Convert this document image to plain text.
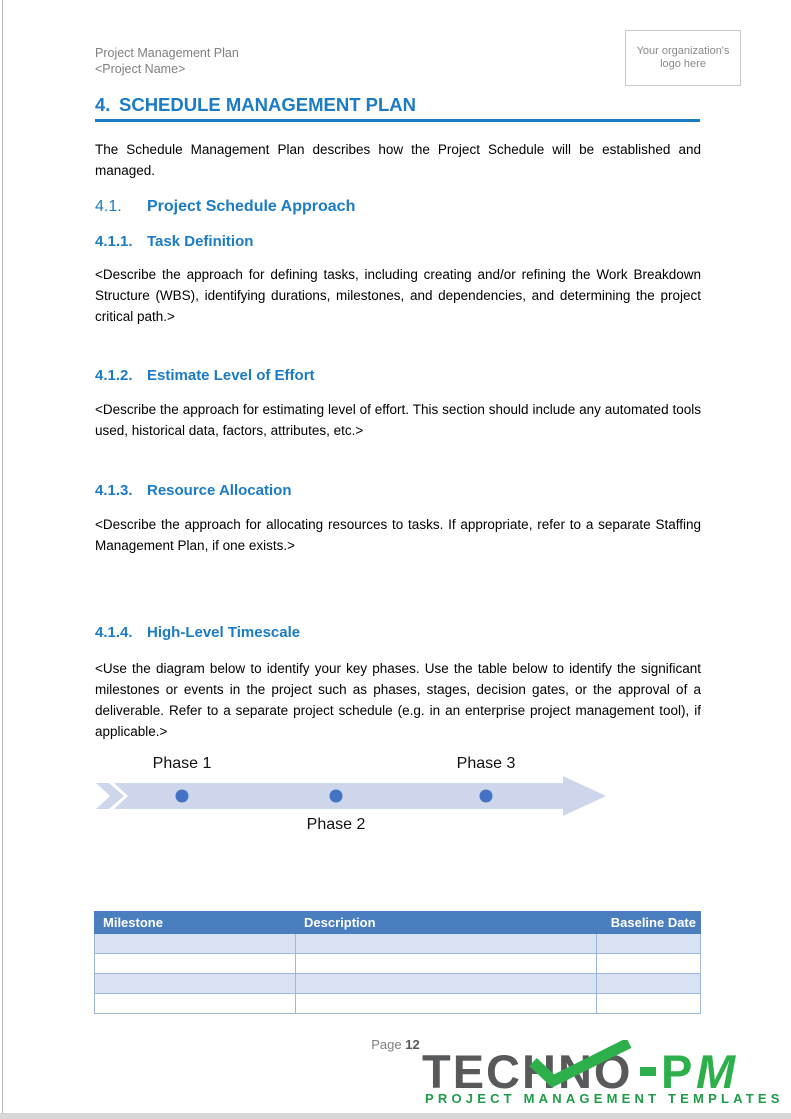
Project Management Plan
<Project Name>
Your organization's logo here
4. SCHEDULE MANAGEMENT PLAN
The Schedule Management Plan describes how the Project Schedule will be established and managed.
4.1. Project Schedule Approach
4.1.1. Task Definition
<Describe the approach for defining tasks, including creating and/or refining the Work Breakdown Structure (WBS), identifying durations, milestones, and dependencies, and determining the project critical path.>
4.1.2. Estimate Level of Effort
<Describe the approach for estimating level of effort. This section should include any automated tools used, historical data, factors, attributes, etc.>
4.1.3. Resource Allocation
<Describe the approach for allocating resources to tasks. If appropriate, refer to a separate Staffing Management Plan, if one exists.>
4.1.4. High-Level Timescale
<Use the diagram below to identify your key phases. Use the table below to identify the significant milestones or events in the project such as phases, stages, decision gates, or the approval of a deliverable. Refer to a separate project schedule (e.g. in an enterprise project management tool), if applicable.>
Phase 1
Phase 2
Phase 3
Milestone	Description	Baseline Date

Page 12
TECHNO P M
PROJECT MANAGEMENT TEMPLATES
